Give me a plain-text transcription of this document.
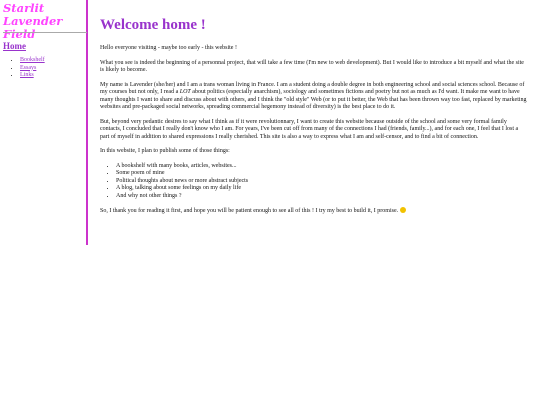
Starlit Lavender Field
Home
• Bookshelf
• Essays
• Links
Welcome home !

Hello everyone visiting - maybe too early - this website !

What you see is indeed the beginning of a personnal project, that will take a few time (I'm new to web development). But I would like to introduce a bit myself and what the site is likely to become.

My name is Lavender (she/her) and I am a trans woman living in France. I am a student doing a double degree in both engineering school and social sciences school. Because of my courses but not only, I read a LOT about politics (especially anarchism), sociology and sometimes fictions and poetry but not as much as I'd want. It make me want to have many thoughts I want to share and discuss about with others, and I think the "old style" Web (or to put it better, the Web that has been thrown way too fast, replaced by marketing websites and pre-packaged social networks, spreading commercial hegemony instead of diversity) is the best place to do it.

But, beyond very pedantic desires to say what I think as if it were revolutionnary, I want to create this website because outside of the school and some very formal family contacts, I concluded that I really don't know who I am. For years, I've been cut off from many of the connections I had (friends, family...), and for each one, I feel that I lost a part of myself in addition to shared expressions I really cherished. This site is also a way to express what I am and self-censor, and to find a bit of connection.

In this website, I plan to publish some of those things:

• A bookshelf with many books, articles, websites...
• Some poem of mine
• Political thoughts about news or more abstract subjects
• A blog, talking about some feelings on my daily life
• And why not other things ?

So, I thank you for reading it first, and hope you will be patient enough to see all of this ! I try my best to build it, I promise.
